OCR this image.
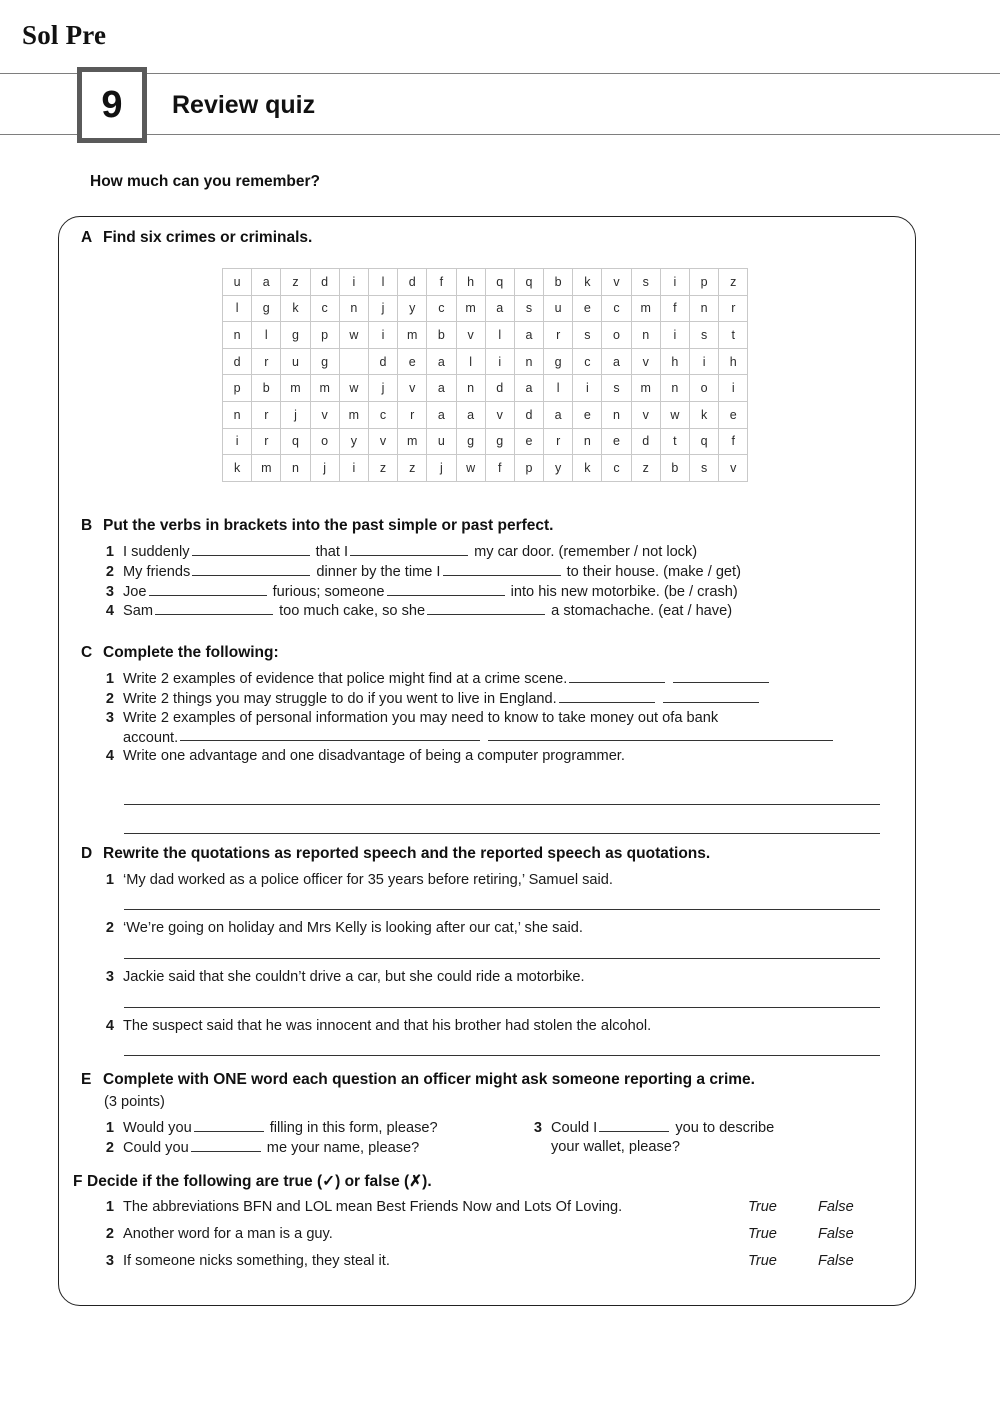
Sol Pre
9 Review quiz
How much can you remember?
A Find six crimes or criminals.
u	a	z	d	i	l	d	f	h	q	q	b	k	v	s	i	p	z
l	g	k	c	n	j	y	c	m	a	s	u	e	c	m	f	n	r
n	l	g	p	w	i	m	b	v	l	a	r	s	o	n	i	s	t
d	r	u	g		d	e	a	l	i	n	g	c	a	v	h	i	h
p	b	m	m	w	j	v	a	n	d	a	l	i	s	m	n	o	i
n	r	j	v	m	c	r	a	a	v	d	a	e	n	v	w	k	e
i	r	q	o	y	v	m	u	g	g	e	r	n	e	d	t	q	f
k	m	n	j	i	z	z	j	w	f	p	y	k	c	z	b	s	v
B Put the verbs in brackets into the past simple or past perfect.
1 I suddenly	that I	my car door. (remember / not lock)
2 My friends	dinner by the time I	to their house. (make / get)
3 Joe	furious; someone	into his new motorbike. (be / crash)
4 Sam	too much cake, so she	a stomachache. (eat / have)
C Complete the following:
1 Write 2 examples of evidence that police might find at a crime scene.
2 Write 2 things you may struggle to do if you went to live in England.
3 Write 2 examples of personal information you may need to know to take money out ofa bank
account.
4 Write one advantage and one disadvantage of being a computer programmer.
D Rewrite the quotations as reported speech and the reported speech as quotations.
1 ‘My dad worked as a police officer for 35 years before retiring,’ Samuel said.
2 ‘We’re going on holiday and Mrs Kelly is looking after our cat,’ she said.
3 Jackie said that she couldn’t drive a car, but she could ride a motorbike.
4 The suspect said that he was innocent and that his brother had stolen the alcohol.
E Complete with ONE word each question an officer might ask someone reporting a crime.
(3 points)
1 Would you	filling in this form, please?
2 Could you	me your name, please?
3 Could I	you to describe
your wallet, please?
F Decide if the following are true (✓) or false (✗).
1 The abbreviations BFN and LOL mean Best Friends Now and Lots Of Loving.	True	False
2 Another word for a man is a guy.	True	False
3 If someone nicks something, they steal it.	True	False
